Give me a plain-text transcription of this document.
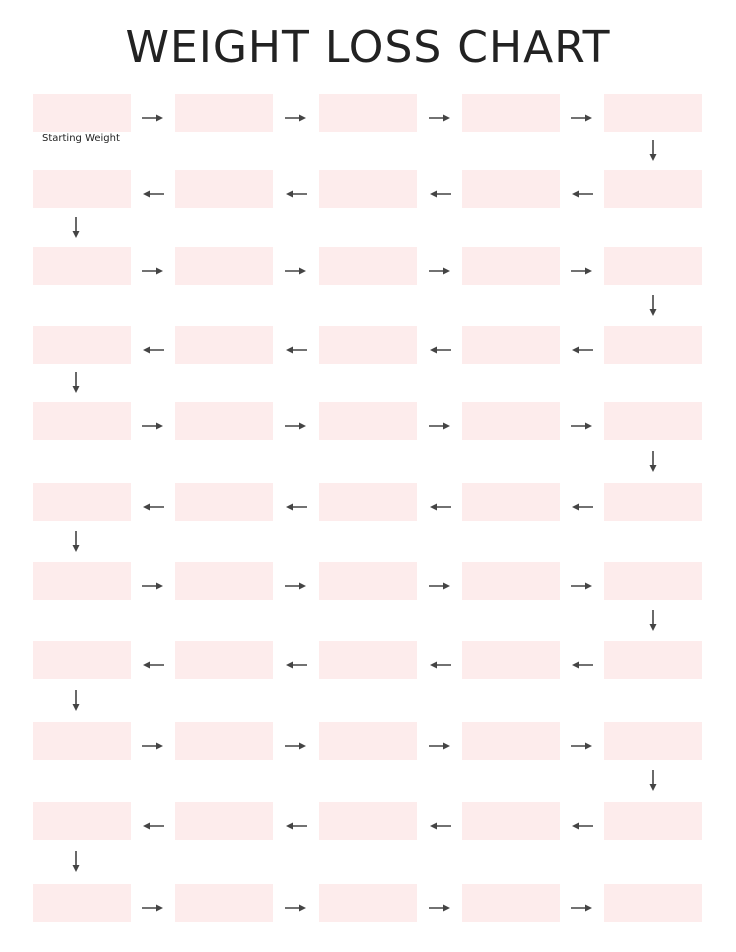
WEIGHT LOSS CHART
Starting Weight
